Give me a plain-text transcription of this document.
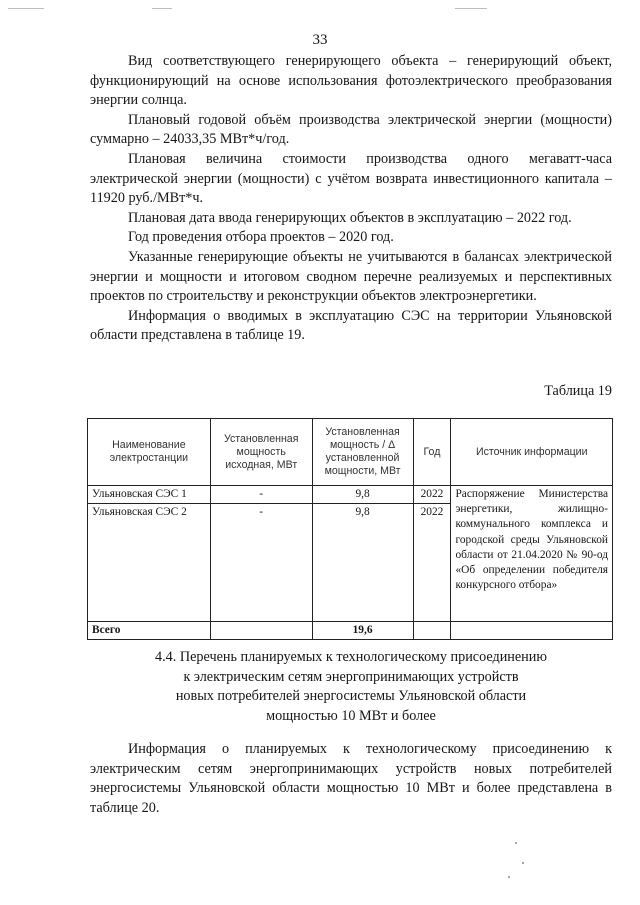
33

Вид соответствующего генерирующего объекта – генерирующий объект, функционирующий на основе использования фотоэлектрического преобразования энергии солнца.

Плановый годовой объём производства электрической энергии (мощности) суммарно – 24033,35 МВт*ч/год.

Плановая величина стоимости производства одного мегаватт-часа электрической энергии (мощности) с учётом возврата инвестиционного капитала – 11920 руб./МВт*ч.

Плановая дата ввода генерирующих объектов в эксплуатацию – 2022 год.

Год проведения отбора проектов – 2020 год.

Указанные генерирующие объекты не учитываются в балансах электрической энергии и мощности и итоговом сводном перечне реализуемых и перспективных проектов по строительству и реконструкции объектов электроэнергетики.

Информация о вводимых в эксплуатацию СЭС на территории Ульяновской области представлена в таблице 19.

Таблица 19
Наименование электростанции	Установленная мощность исходная, МВт	Установленная мощность / Δ установленной мощности, МВт	Год	Источник информации
Ульяновская СЭС 1	-	9,8	2022	Распоряжение Министерства энергетики, жилищно-коммунального комплекса и городской среды Ульяновской области от 21.04.2020 № 90-од «Об определении победителя конкурсного отбора»
Ульяновская СЭС 2	-	9,8	2022	
Всего		19,6		
4.4. Перечень планируемых к технологическому присоединению
к электрическим сетям энергопринимающих устройств
новых потребителей энергосистемы Ульяновской области
мощностью 10 МВт и более

Информация о планируемых к технологическому присоединению к электрическим сетям энергопринимающих устройств новых потребителей энергосистемы Ульяновской области мощностью 10 МВт и более представлена в таблице 20.
